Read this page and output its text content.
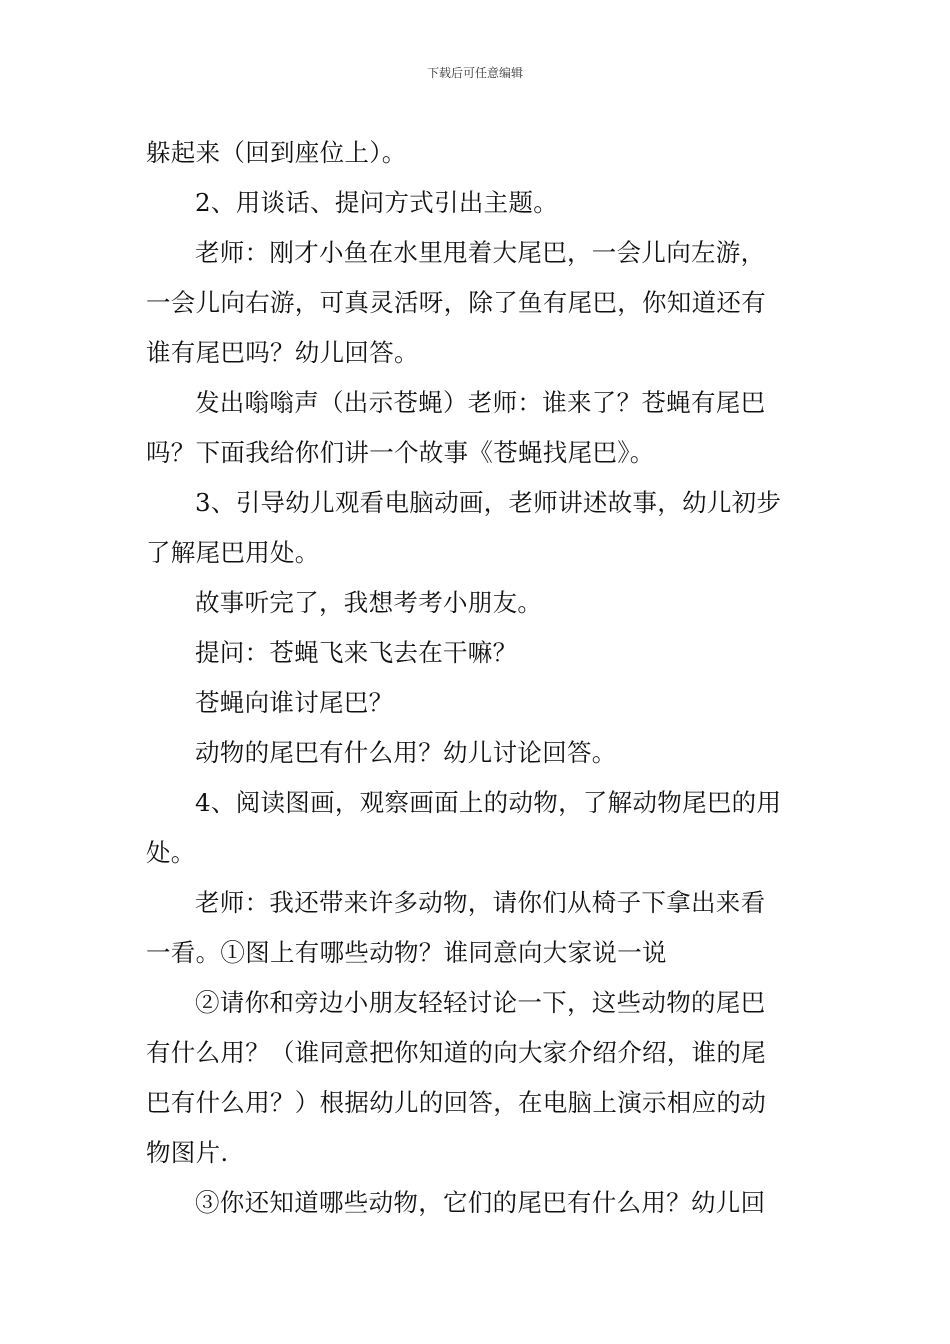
下载后可任意编辑
躲起来（回到座位上）。
2、用谈话、提问方式引出主题。
老师：刚才小鱼在水里甩着大尾巴，一会儿向左游，
一会儿向右游，可真灵活呀，除了鱼有尾巴，你知道还有
谁有尾巴吗？幼儿回答。
发出嗡嗡声（出示苍蝇）老师：谁来了？苍蝇有尾巴
吗？下面我给你们讲一个故事《苍蝇找尾巴》。
3、引导幼儿观看电脑动画，老师讲述故事，幼儿初步
了解尾巴用处。
故事听完了，我想考考小朋友。
提问：苍蝇飞来飞去在干嘛？
苍蝇向谁讨尾巴？
动物的尾巴有什么用？幼儿讨论回答。
4、阅读图画，观察画面上的动物，了解动物尾巴的用
处。
老师：我还带来许多动物，请你们从椅子下拿出来看
一看。①图上有哪些动物？谁同意向大家说一说
②请你和旁边小朋友轻轻讨论一下，这些动物的尾巴
有什么用？（谁同意把你知道的向大家介绍介绍，谁的尾
巴有什么用？）根据幼儿的回答，在电脑上演示相应的动
物图片.
③你还知道哪些动物，它们的尾巴有什么用？幼儿回
